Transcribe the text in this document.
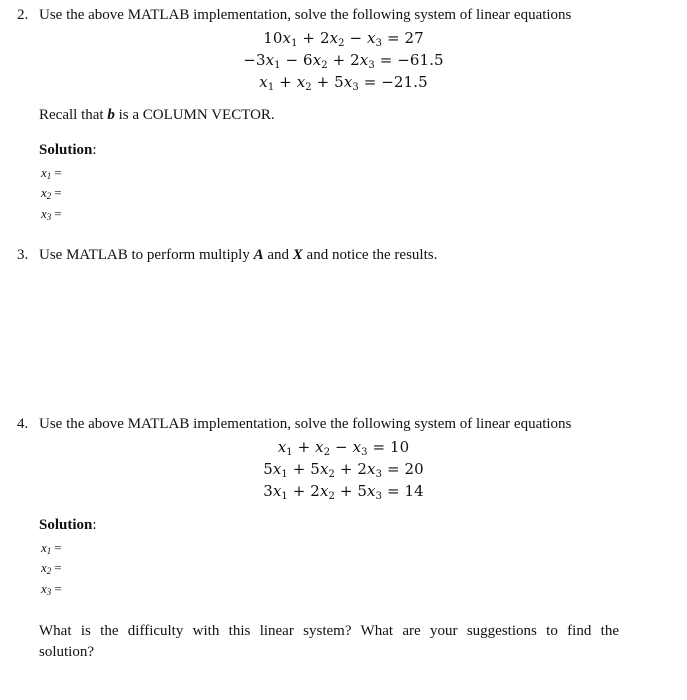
2. Use the above MATLAB implementation, solve the following system of linear equations
$10x_1 + 2x_2 - x_3 = 27$
$-3x_1 - 6x_2 + 2x_3 = -61.5$
$x_1 + x_2 + 5x_3 = -21.5$
Recall that b is a COLUMN VECTOR.
Solution:
$x_1$ =
$x_2$ =
$x_3$ =
3. Use MATLAB to perform multiply A and X and notice the results.
4. Use the above MATLAB implementation, solve the following system of linear equations
$x_1 + x_2 - x_3 = 10$
$5x_1 + 5x_2 + 2x_3 = 20$
$3x_1 + 2x_2 + 5x_3 = 14$
Solution:
$x_1$ =
$x_2$ =
$x_3$ =
What is the difficulty with this linear system? What are your suggestions to find the
solution?
